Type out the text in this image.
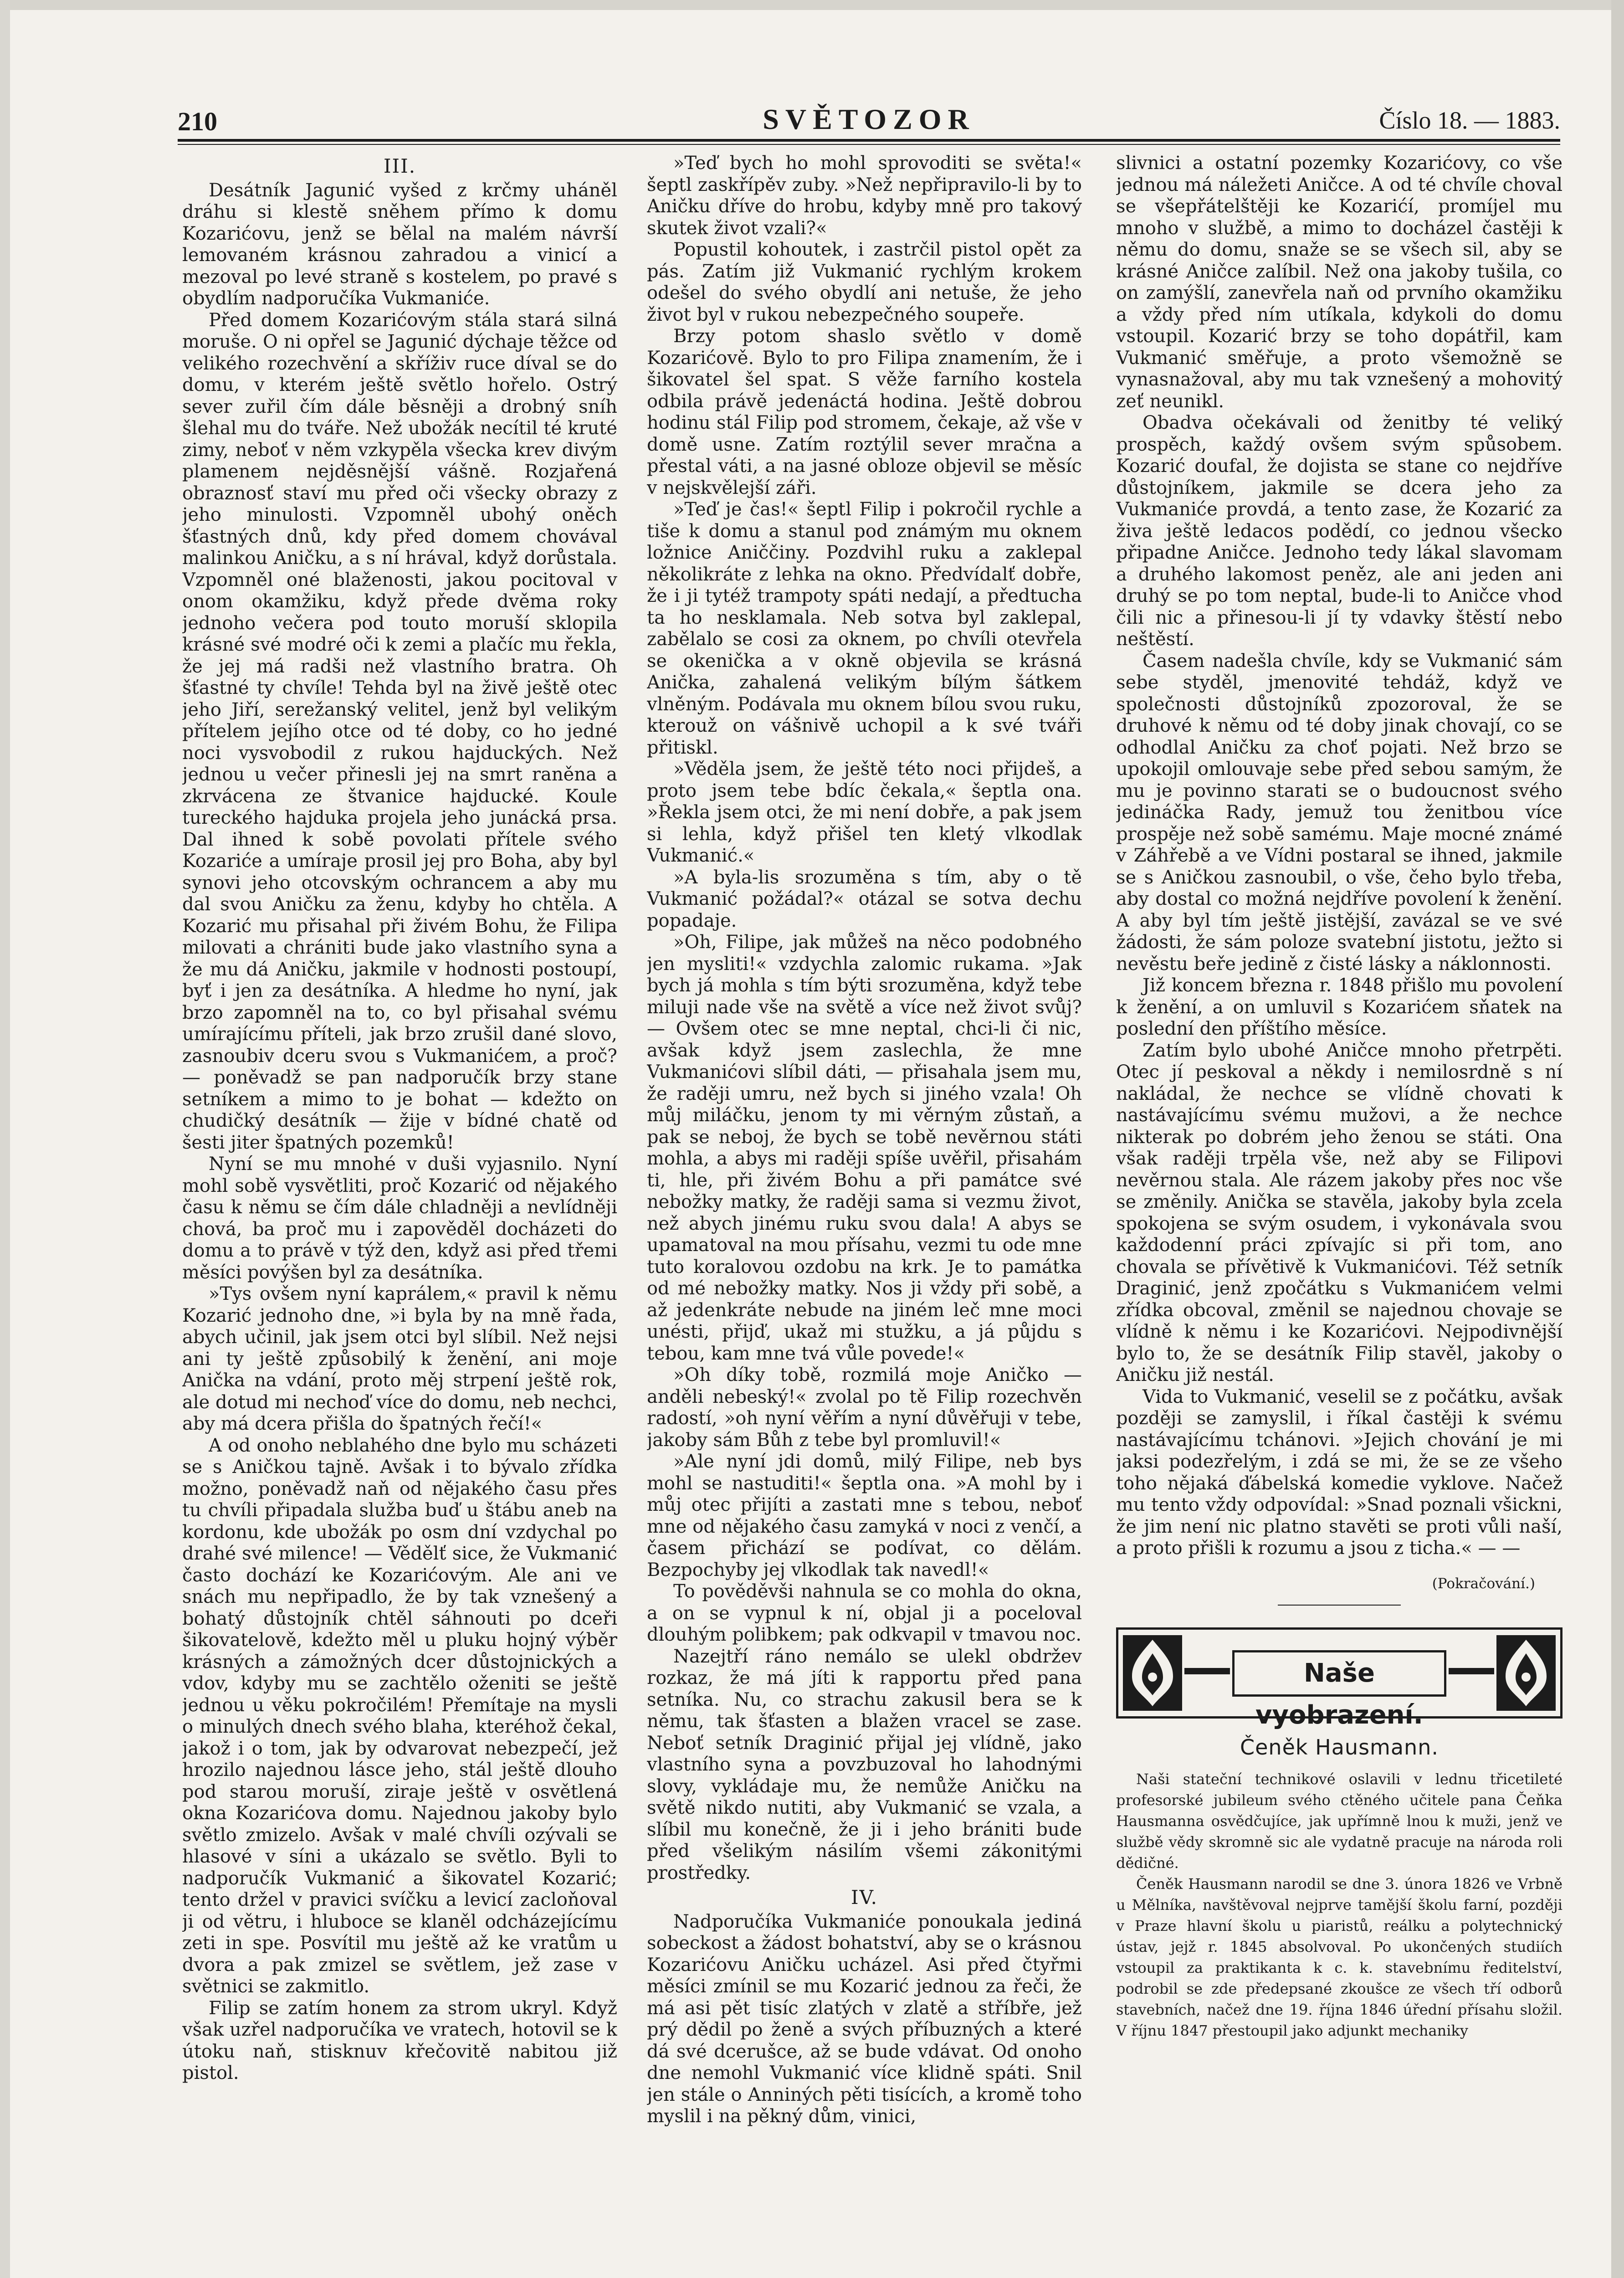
210	SVĚTOZOR	Číslo 18. — 1883.
III.

Desátník Jagunić vyšed z krčmy uháněl dráhu si klestě sněhem přímo k domu Kozarićovu, jenž se bělal na malém návrší lemovaném krásnou zahradou a vinicí a mezoval po levé straně s kostelem, po pravé s obydlím nadporučíka Vukmaniće.

Před domem Kozarićovým stála stará silná moruše. O ni opřel se Jagunić dýchaje těžce od velikého rozechvění a skříživ ruce díval se do domu, v kterém ještě světlo hořelo. Ostrý sever zuřil čím dále běsněji a drobný sníh šlehal mu do tváře. Než ubožák necítil té kruté zimy, neboť v něm vzkypěla všecka krev divým plamenem nejděsnější vášně. Rozjařená obraznosť staví mu před oči všecky obrazy z jeho minulosti. Vzpomněl ubohý oněch šťastných dnů, kdy před domem chovával malinkou Aničku, a s ní hrával, když dorůstala. Vzpomněl oné blaženosti, jakou pocitoval v onom okamžiku, když přede dvěma roky jednoho večera pod touto moruší sklopila krásné své modré oči k zemi a plačíc mu řekla, že jej má radši než vlastního bratra. Oh šťastné ty chvíle! Tehda byl na živě ještě otec jeho Jiří, serežanský velitel, jenž byl velikým přítelem jejího otce od té doby, co ho jedné noci vysvobodil z rukou hajduckých. Než jednou u večer přinesli jej na smrt raněna a zkrvácena ze štvanice hajducké. Koule tureckého hajduka projela jeho junácká prsa. Dal ihned k sobě povolati přítele svého Kozariće a umíraje prosil jej pro Boha, aby byl synovi jeho otcovským ochrancem a aby mu dal svou Aničku za ženu, kdyby ho chtěla. A Kozarić mu přisahal při živém Bohu, že Filipa milovati a chrániti bude jako vlastního syna a že mu dá Aničku, jakmile v hodnosti postoupí, byť i jen za desátníka. A hledme ho nyní, jak brzo zapomněl na to, co byl přisahal svému umírajícímu příteli, jak brzo zrušil dané slovo, zasnoubiv dceru svou s Vukmanićem, a proč? — poněvadž se pan nadporučík brzy stane setníkem a mimo to je bohat — kdežto on chudičký desátník — žije v bídné chatě od šesti jiter špatných pozemků!

Nyní se mu mnohé v duši vyjasnilo. Nyní mohl sobě vysvětliti, proč Kozarić od nějakého času k němu se čím dále chladněji a nevlídněji chová, ba proč mu i zapověděl docházeti do domu a to právě v týž den, když asi před třemi měsíci povýšen byl za desátníka.

»Tys ovšem nyní kaprálem,« pravil k němu Kozarić jednoho dne, »i byla by na mně řada, abych učinil, jak jsem otci byl slíbil. Než nejsi ani ty ještě způsobilý k ženění, ani moje Anička na vdání, proto měj strpení ještě rok, ale dotud mi nechoď více do domu, neb nechci, aby má dcera přišla do špatných řečí!«

A od onoho neblahého dne bylo mu scházeti se s Aničkou tajně. Avšak i to bývalo zřídka možno, poněvadž naň od nějakého času přes tu chvíli připadala služba buď u štábu aneb na kordonu, kde ubožák po osm dní vzdychal po drahé své milence! — Vědělť sice, že Vukmanić často dochází ke Kozarićovým. Ale ani ve snách mu nepřipadlo, že by tak vznešený a bohatý důstojník chtěl sáhnouti po dceři šikovatelově, kdežto měl u pluku hojný výběr krásných a zámožných dcer důstojnických a vdov, kdyby mu se zachtělo oženiti se ještě jednou u věku pokročilém! Přemítaje na mysli o minulých dnech svého blaha, kteréhož čekal, jakož i o tom, jak by odvarovat nebezpečí, jež hrozilo najednou lásce jeho, stál ještě dlouho pod starou moruší, ziraje ještě v osvětlená okna Kozarićova domu. Najednou jakoby bylo světlo zmizelo. Avšak v malé chvíli ozývali se hlasové v síni a ukázalo se světlo. Byli to nadporučík Vukmanić a šikovatel Kozarić; tento držel v pravici svíčku a levicí zacloňoval ji od větru, i hluboce se klaněl odcházejícímu zeti in spe. Posvítil mu ještě až ke vratům u dvora a pak zmizel se světlem, jež zase v světnici se zakmitlo.

Filip se zatím honem za strom ukryl. Když však uzřel nadporučíka ve vratech, hotovil se k útoku naň, stisknuv křečovitě nabitou již pistol.

»Teď bych ho mohl sprovoditi se světa!« šeptl zaskřípěv zuby. »Než nepřipravilo-li by to Aničku dříve do hrobu, kdyby mně pro takový skutek život vzali?«

Popustil kohoutek, i zastrčil pistol opět za pás. Zatím již Vukmanić rychlým krokem odešel do svého obydlí ani netuše, že jeho život byl v rukou nebezpečného soupeře.

Brzy potom shaslo světlo v domě Kozarićově. Bylo to pro Filipa znamením, že i šikovatel šel spat. S věže farního kostela odbila právě jedenáctá hodina. Ještě dobrou hodinu stál Filip pod stromem, čekaje, až vše v domě usne. Zatím roztýlil sever mračna a přestal váti, a na jasné obloze objevil se měsíc v nejskvělejší záři.

»Teď je čas!« šeptl Filip i pokročil rychle a tiše k domu a stanul pod známým mu oknem ložnice Aniččiny. Pozdvihl ruku a zaklepal několikráte z lehka na okno. Předvídalť dobře, že i ji tytéž trampoty spáti nedají, a předtucha ta ho nesklamala. Neb sotva byl zaklepal, zabělalo se cosi za oknem, po chvíli otevřela se okenička a v okně objevila se krásná Anička, zahalená velikým bílým šátkem vlněným. Podávala mu oknem bílou svou ruku, kterouž on vášnivě uchopil a k své tváři přitiskl.

»Věděla jsem, že ještě této noci přijdeš, a proto jsem tebe bdíc čekala,« šeptla ona. »Řekla jsem otci, že mi není dobře, a pak jsem si lehla, když přišel ten kletý vlkodlak Vukmanić.«

»A byla-lis srozuměna s tím, aby o tě Vukmanić požádal?« otázal se sotva dechu popadaje.

»Oh, Filipe, jak můžeš na něco podobného jen mysliti!« vzdychla zalomic rukama. »Jak bych já mohla s tím býti srozuměna, když tebe miluji nade vše na světě a více než život svůj? — Ovšem otec se mne neptal, chci-li či nic, avšak když jsem zaslechla, že mne Vukmanićovi slíbil dáti, — přisahala jsem mu, že raději umru, než bych si jiného vzala! Oh můj miláčku, jenom ty mi věrným zůstaň, a pak se neboj, že bych se tobě nevěrnou státi mohla, a abys mi raději spíše uvěřil, přisahám ti, hle, při živém Bohu a při památce své nebožky matky, že raději sama si vezmu život, než abych jinému ruku svou dala! A abys se upamatoval na mou přísahu, vezmi tu ode mne tuto koralovou ozdobu na krk. Je to památka od mé nebožky matky. Nos ji vždy při sobě, a až jedenkráte nebude na jiném leč mne moci unésti, přijď, ukaž mi stužku, a já půjdu s tebou, kam mne tvá vůle povede!«

»Oh díky tobě, rozmilá moje Aničko — anděli nebeský!« zvolal po tě Filip rozechvěn radostí, »oh nyní věřím a nyní důvěřuji v tebe, jakoby sám Bůh z tebe byl promluvil!«

»Ale nyní jdi domů, milý Filipe, neb bys mohl se nastuditi!« šeptla ona. »A mohl by i můj otec přijíti a zastati mne s tebou, neboť mne od nějakého času zamyká v noci z venčí, a časem přichází se podívat, co dělám. Bezpochyby jej vlkodlak tak navedl!«

To pověděvši nahnula se co mohla do okna, a on se vypnul k ní, objal ji a poceloval dlouhým polibkem; pak odkvapil v tmavou noc.

Nazejtří ráno nemálo se ulekl obdržev rozkaz, že má jíti k rapportu před pana setníka. Nu, co strachu zakusil bera se k němu, tak šťasten a blažen vracel se zase. Neboť setník Draginić přijal jej vlídně, jako vlastního syna a povzbuzoval ho lahodnými slovy, vykládaje mu, že nemůže Aničku na světě nikdo nutiti, aby Vukmanić se vzala, a slíbil mu konečně, že ji i jeho brániti bude před všelikým násilím všemi zákonitými prostředky.

IV.

Nadporučíka Vukmaniće ponoukala jediná sobeckost a žádost bohatství, aby se o krásnou Kozarićovu Aničku ucházel. Asi před čtyřmi měsíci zmínil se mu Kozarić jednou za řeči, že má asi pět tisíc zlatých v zlatě a stříbře, jež prý dědil po ženě a svých příbuzných a které dá své dcerušce, až se bude vdávat. Od onoho dne nemohl Vukmanić více klidně spáti. Snil jen stále o Anniných pěti tisících, a kromě toho myslil i na pěkný dům, vinici,

slivnici a ostatní pozemky Kozarićovy, co vše jednou má náležeti Aničce. A od té chvíle choval se všepřátelštěji ke Kozarićí, promíjel mu mnoho v službě, a mimo to docházel častěji k němu do domu, snaže se se všech sil, aby se krásné Aničce zalíbil. Než ona jakoby tušila, co on zamýšlí, zanevřela naň od prvního okamžiku a vždy před ním utíkala, kdykoli do domu vstoupil. Kozarić brzy se toho dopátřil, kam Vukmanić směřuje, a proto všemožně se vynasnažoval, aby mu tak vznešený a mohovitý zeť neunikl.

Obadva očekávali od ženitby té veliký prospěch, každý ovšem svým spůsobem. Kozarić doufal, že dojista se stane co nejdříve důstojníkem, jakmile se dcera jeho za Vukmaniće provdá, a tento zase, že Kozarić za živa ještě ledacos podědí, co jednou všecko připadne Aničce. Jednoho tedy lákal slavomam a druhého lakomost peněz, ale ani jeden ani druhý se po tom neptal, bude-li to Aničce vhod čili nic a přinesou-li jí ty vdavky štěstí nebo neštěstí.

Časem nadešla chvíle, kdy se Vukmanić sám sebe styděl, jmenovité tehdáž, když ve společnosti důstojníků zpozoroval, že se druhové k němu od té doby jinak chovají, co se odhodlal Aničku za choť pojati. Než brzo se upokojil omlouvaje sebe před sebou samým, že mu je povinno starati se o budoucnost svého jedináčka Rady, jemuž tou ženitbou více prospěje než sobě samému. Maje mocné známé v Záhřebě a ve Vídni postaral se ihned, jakmile se s Aničkou zasnoubil, o vše, čeho bylo třeba, aby dostal co možná nejdříve povolení k ženění. A aby byl tím ještě jistější, zavázal se ve své žádosti, že sám poloze svatební jistotu, ježto si nevěstu beře jedině z čisté lásky a náklonnosti.

Již koncem března r. 1848 přišlo mu povolení k ženění, a on umluvil s Kozarićem sňatek na poslední den příštího měsíce.

Zatím bylo ubohé Aničce mnoho přetrpěti. Otec jí peskoval a někdy i nemilosrdně s ní nakládal, že nechce se vlídně chovati k nastávajícímu svému mužovi, a že nechce nikterak po dobrém jeho ženou se státi. Ona však raději trpěla vše, než aby se Filipovi nevěrnou stala. Ale rázem jakoby přes noc vše se změnily. Anička se stavěla, jakoby byla zcela spokojena se svým osudem, i vykonávala svou každodenní práci zpívajíc si při tom, ano chovala se přívětivě k Vukmanićovi. Též setník Draginić, jenž zpočátku s Vukmanićem velmi zřídka obcoval, změnil se najednou chovaje se vlídně k němu i ke Kozarićovi. Nejpodivnější bylo to, že se desátník Filip stavěl, jakoby o Aničku již nestál.

Vida to Vukmanić, veselil se z počátku, avšak později se zamyslil, i říkal častěji k svému nastávajícímu tchánovi. »Jejich chování je mi jaksi podezřelým, i zdá se mi, že se ze všeho toho nějaká ďábelská komedie vyklove. Načež mu tento vždy odpovídal: »Snad poznali všickni, že jim není nic platno stavěti se proti vůli naší, a proto přišli k rozumu a jsou z ticha.« — —

(Pokračování.)
Naše vyobrazení.
Čeněk Hausmann.

Naši stateční technikové oslavili v lednu třicetileté profesorské jubileum svého ctěného učitele pana Čeňka Hausmanna osvědčujíce, jak upřímně lnou k muži, jenž ve službě vědy skromně sic ale vydatně pracuje na národa roli dědičné.

Čeněk Hausmann narodil se dne 3. února 1826 ve Vrbně u Mělníka, navštěvoval nejprve tamější školu farní, později v Praze hlavní školu u piaristů, reálku a polytechnický ústav, jejž r. 1845 absolvoval. Po ukončených studiích vstoupil za praktikanta k c. k. stavebnímu ředitelství, podrobil se zde předepsané zkoušce ze všech tří odborů stavebních, načež dne 19. října 1846 úřední přísahu složil. V říjnu 1847 přestoupil jako adjunkt mechaniky
